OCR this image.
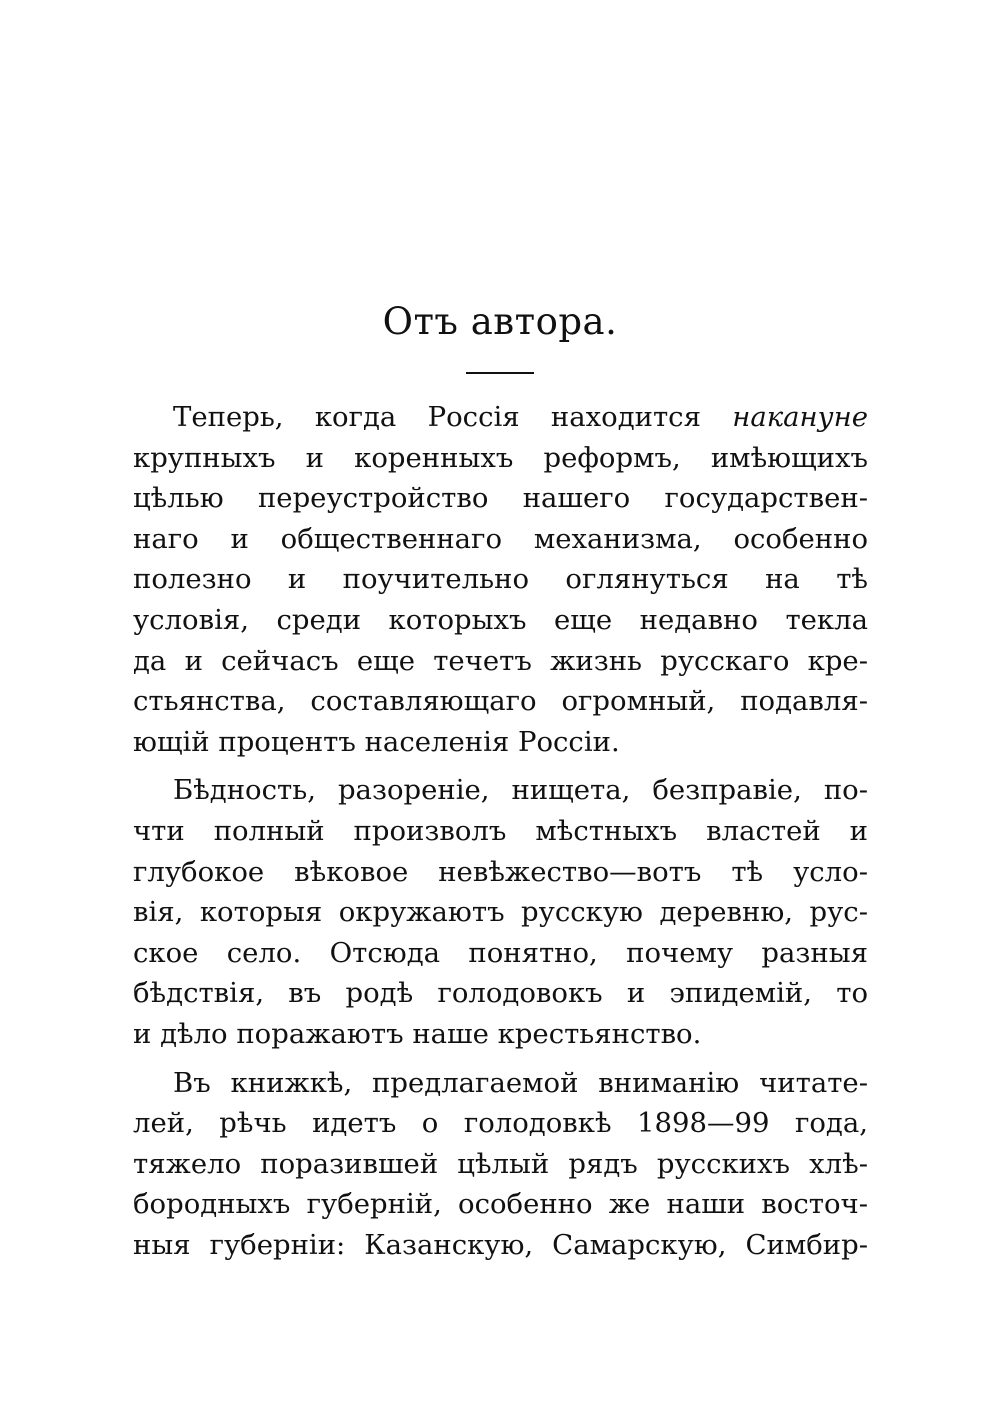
Отъ автора.
Теперь, когда Россія находится накануне
крупныхъ и коренныхъ реформъ, имѣющихъ
цѣлью переустройство нашего государствен-
наго и общественнаго механизма, особенно
полезно и поучительно оглянуться на тѣ
условія, среди которыхъ еще недавно текла
да и сейчасъ еще течетъ жизнь русскаго кре-
стьянства, составляющаго огромный, подавля-
ющій процентъ населенія Россіи.
Бѣдность, разореніе, нищета, безправіе, по-
чти полный произволъ мѣстныхъ властей и
глубокое вѣковое невѣжество—вотъ тѣ усло-
вія, которыя окружаютъ русскую деревню, рус-
ское село. Отсюда понятно, почему разныя
бѣдствія, въ родѣ голодовокъ и эпидемій, то
и дѣло поражаютъ наше крестьянство.
Въ книжкѣ, предлагаемой вниманію читате-
лей, рѣчь идетъ о голодовкѣ 1898—99 года,
тяжело поразившей цѣлый рядъ русскихъ хлѣ-
бородныхъ губерній, особенно же наши восточ-
ныя губерніи: Казанскую, Самарскую, Симбир-
